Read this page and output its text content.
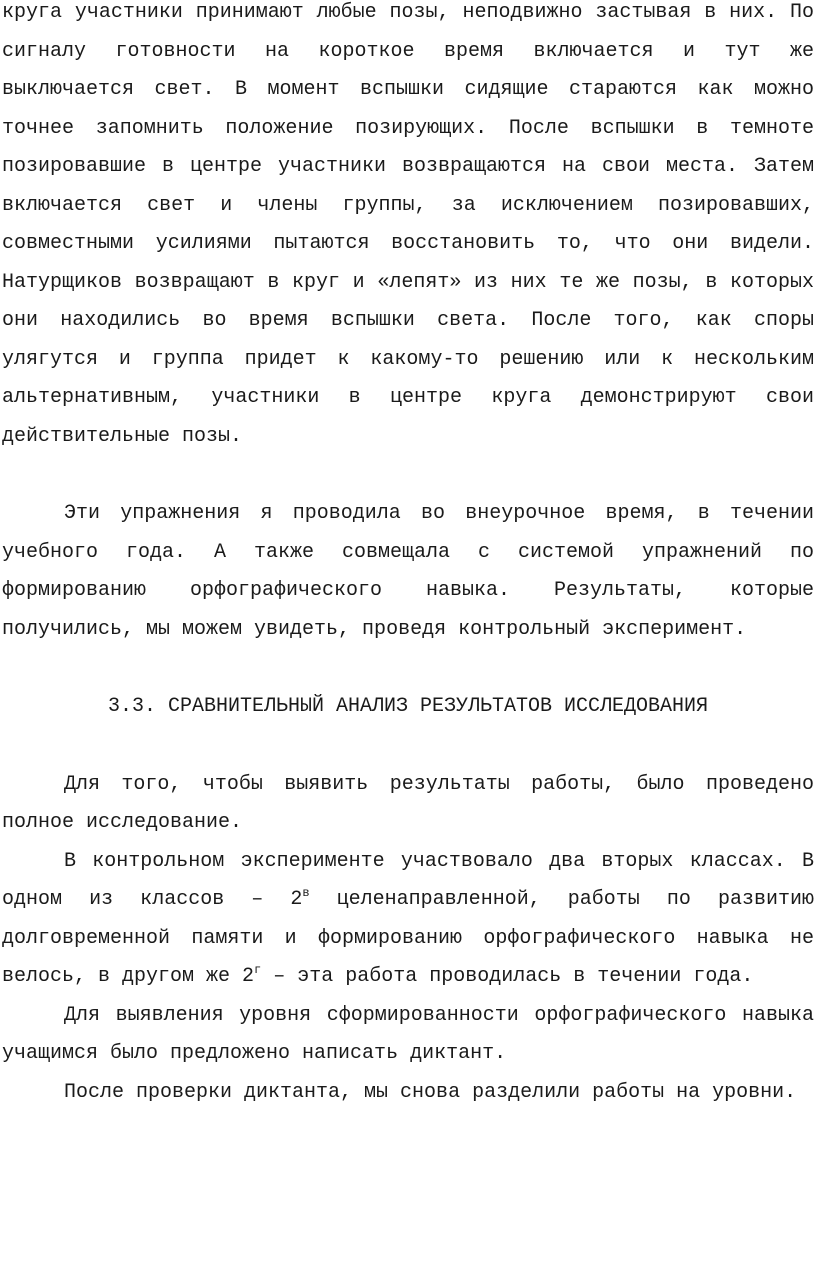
круга участники принимают любые позы, неподвижно застывая в них. По сигналу готовности на короткое время включается и тут же выключается свет. В момент вспышки сидящие стараются как можно точнее запомнить положение позирующих. После вспышки в темноте позировавшие в центре участники возвращаются на свои места. Затем включается свет и члены группы, за исключением позировавших, совместными усилиями пытаются восстановить то, что они видели. Натурщиков возвращают в круг и «лепят» из них те же позы, в которых они находились во время вспышки света. После того, как споры улягутся и группа придет к какому-то решению или к нескольким альтернативным, участники в центре круга демонстрируют свои действительные позы.

Эти упражнения я проводила во внеурочное время, в течении учебного года. А также совмещала с системой упражнений по формированию орфографического навыка. Результаты, которые получились, мы можем увидеть, проведя контрольный эксперимент.

3.3. СРАВНИТЕЛЬНЫЙ АНАЛИЗ РЕЗУЛЬТАТОВ ИССЛЕДОВАНИЯ

Для того, чтобы выявить результаты работы, было проведено полное исследование.

В контрольном эксперименте участвовало два вторых классах. В одном из классов – $2^в$ целенаправленной, работы по развитию долговременной памяти и формированию орфографического навыка не велось, в другом же $2^г$ – эта работа проводилась в течении года.

Для выявления уровня сформированности орфографического навыка учащимся было предложено написать диктант.

После проверки диктанта, мы снова разделили работы на уровни.
